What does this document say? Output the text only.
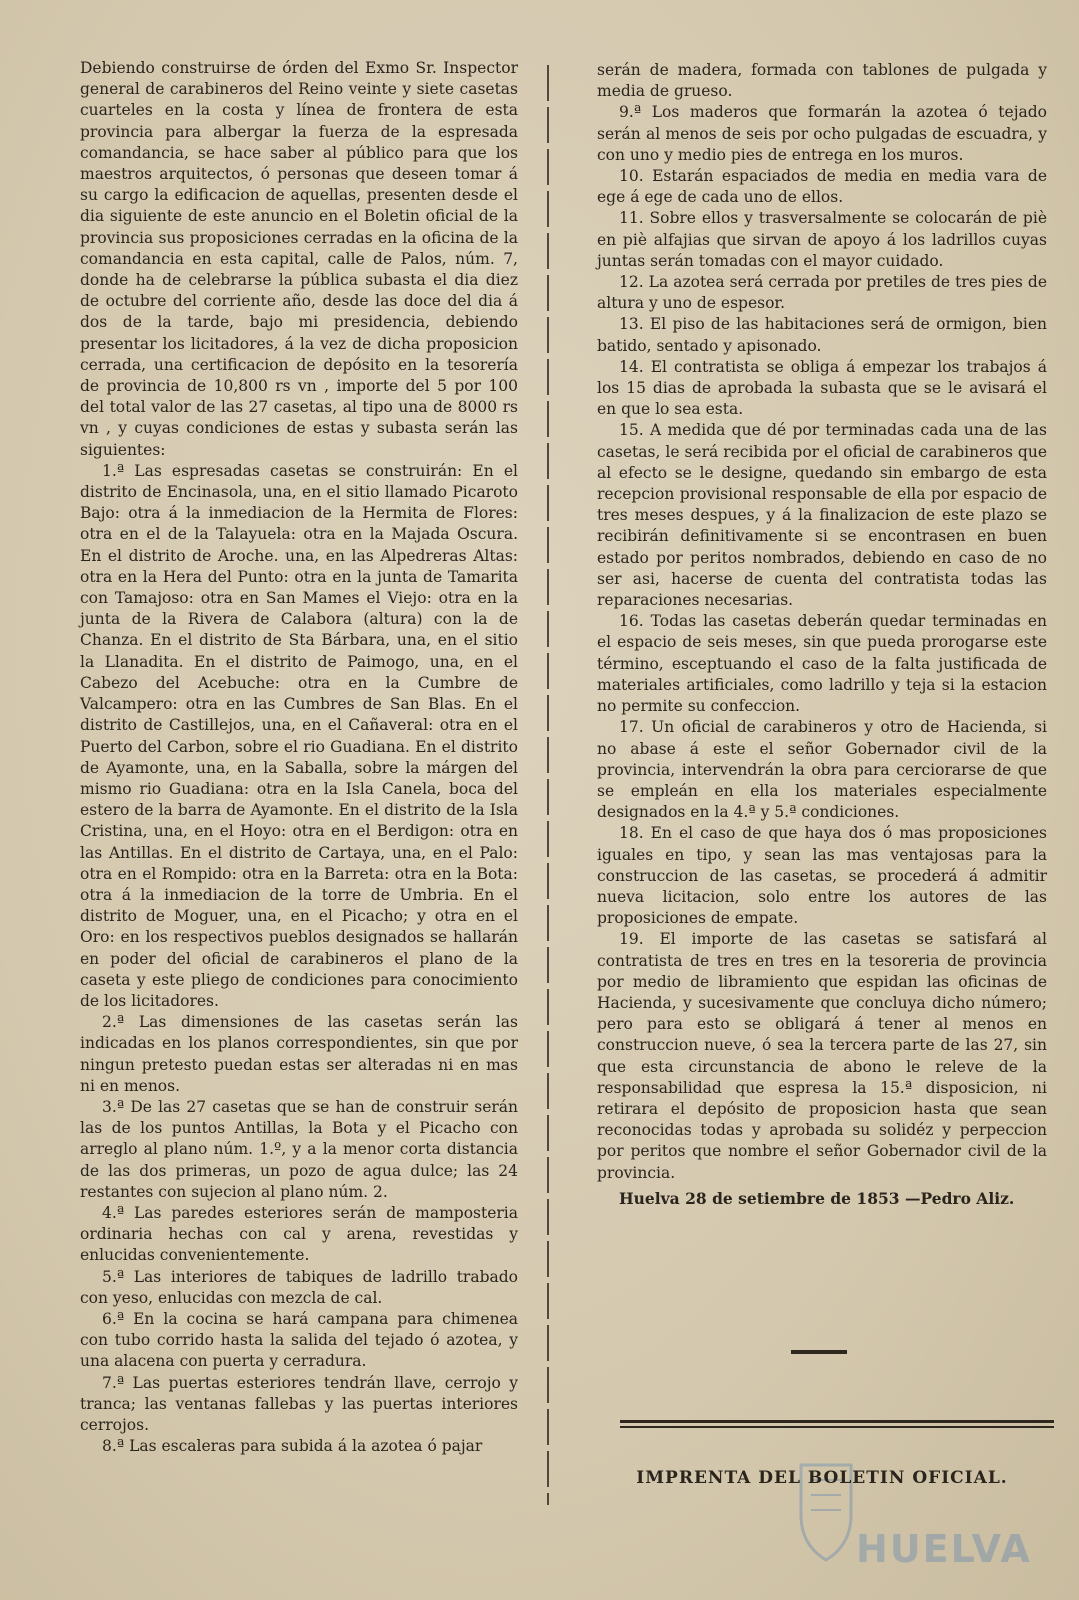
Debiendo construirse de órden del Exmo Sr. Inspector general de carabineros del Reino veinte y siete casetas cuarteles en la costa y línea de frontera de esta provincia para albergar la fuerza de la espresada comandancia, se hace saber al público para que los maestros arquitectos, ó personas que deseen tomar á su cargo la edificacion de aquellas, presenten desde el dia siguiente de este anuncio en el Boletin oficial de la provincia sus proposiciones cerradas en la oficina de la comandancia en esta capital, calle de Palos, núm. 7, donde ha de celebrarse la pública subasta el dia diez de octubre del corriente año, desde las doce del dia á dos de la tarde, bajo mi presidencia, debiendo presentar los licitadores, á la vez de dicha proposicion cerrada, una certificacion de depósito en la tesorería de provincia de 10,800 rs vn , importe del 5 por 100 del total valor de las 27 casetas, al tipo una de 8000 rs vn , y cuyas condiciones de estas y subasta serán las siguientes:

1.ª Las espresadas casetas se construirán: En el distrito de Encinasola, una, en el sitio llamado Picaroto Bajo: otra á la inmediacion de la Hermita de Flores: otra en el de la Talayuela: otra en la Majada Oscura. En el distrito de Aroche. una, en las Alpedreras Altas: otra en la Hera del Punto: otra en la junta de Tamarita con Tamajoso: otra en San Mames el Viejo: otra en la junta de la Rivera de Calabora (altura) con la de Chanza. En el distrito de Sta Bárbara, una, en el sitio la Llanadita. En el distrito de Paimogo, una, en el Cabezo del Acebuche: otra en la Cumbre de Valcampero: otra en las Cumbres de San Blas. En el distrito de Castillejos, una, en el Cañaveral: otra en el Puerto del Carbon, sobre el rio Guadiana. En el distrito de Ayamonte, una, en la Saballa, sobre la márgen del mismo rio Guadiana: otra en la Isla Canela, boca del estero de la barra de Ayamonte. En el distrito de la Isla Cristina, una, en el Hoyo: otra en el Berdigon: otra en las Antillas. En el distrito de Cartaya, una, en el Palo: otra en el Rompido: otra en la Barreta: otra en la Bota: otra á la inmediacion de la torre de Umbria. En el distrito de Moguer, una, en el Picacho; y otra en el Oro: en los respectivos pueblos designados se hallarán en poder del oficial de carabineros el plano de la caseta y este pliego de condiciones para conocimiento de los licitadores.

2.ª Las dimensiones de las casetas serán las indicadas en los planos correspondientes, sin que por ningun pretesto puedan estas ser alteradas ni en mas ni en menos.

3.ª De las 27 casetas que se han de construir serán las de los puntos Antillas, la Bota y el Picacho con arreglo al plano núm. 1.º, y a la menor corta distancia de las dos primeras, un pozo de agua dulce; las 24 restantes con sujecion al plano núm. 2.

4.ª Las paredes esteriores serán de mamposteria ordinaria hechas con cal y arena, revestidas y enlucidas convenientemente.

5.ª Las interiores de tabiques de ladrillo trabado con yeso, enlucidas con mezcla de cal.

6.ª En la cocina se hará campana para chimenea con tubo corrido hasta la salida del tejado ó azotea, y una alacena con puerta y cerradura.

7.ª Las puertas esteriores tendrán llave, cerrojo y tranca; las ventanas fallebas y las puertas interiores cerrojos.

8.ª Las escaleras para subida á la azotea ó pajar

serán de madera, formada con tablones de pulgada y media de grueso.

9.ª Los maderos que formarán la azotea ó tejado serán al menos de seis por ocho pulgadas de escuadra, y con uno y medio pies de entrega en los muros.

10. Estarán espaciados de media en media vara de ege á ege de cada uno de ellos.

11. Sobre ellos y trasversalmente se colocarán de piè en piè alfajias que sirvan de apoyo á los ladrillos cuyas juntas serán tomadas con el mayor cuidado.

12. La azotea será cerrada por pretiles de tres pies de altura y uno de espesor.

13. El piso de las habitaciones será de ormigon, bien batido, sentado y apisonado.

14. El contratista se obliga á empezar los trabajos á los 15 dias de aprobada la subasta que se le avisará el en que lo sea esta.

15. A medida que dé por terminadas cada una de las casetas, le será recibida por el oficial de carabineros que al efecto se le designe, quedando sin embargo de esta recepcion provisional responsable de ella por espacio de tres meses despues, y á la finalizacion de este plazo se recibirán definitivamente si se encontrasen en buen estado por peritos nombrados, debiendo en caso de no ser asi, hacerse de cuenta del contratista todas las reparaciones necesarias.

16. Todas las casetas deberán quedar terminadas en el espacio de seis meses, sin que pueda prorogarse este término, esceptuando el caso de la falta justificada de materiales artificiales, como ladrillo y teja si la estacion no permite su confeccion.

17. Un oficial de carabineros y otro de Hacienda, si no abase á este el señor Gobernador civil de la provincia, intervendrán la obra para cerciorarse de que se empleán en ella los materiales especialmente designados en la 4.ª y 5.ª condiciones.

18. En el caso de que haya dos ó mas proposiciones iguales en tipo, y sean las mas ventajosas para la construccion de las casetas, se procederá á admitir nueva licitacion, solo entre los autores de las proposiciones de empate.

19. El importe de las casetas se satisfará al contratista de tres en tres en la tesoreria de provincia por medio de libramiento que espidan las oficinas de Hacienda, y sucesivamente que concluya dicho número; pero para esto se obligará á tener al menos en construccion nueve, ó sea la tercera parte de las 27, sin que esta circunstancia de abono le releve de la responsabilidad que espresa la 15.ª disposicion, ni retirara el depósito de proposicion hasta que sean reconocidas todas y aprobada su solidéz y perpeccion por peritos que nombre el señor Gobernador civil de la provincia.

Huelva 28 de setiembre de 1853 —Pedro Aliz.

HUELVA
IMPRENTA DEL BOLETIN OFICIAL.
